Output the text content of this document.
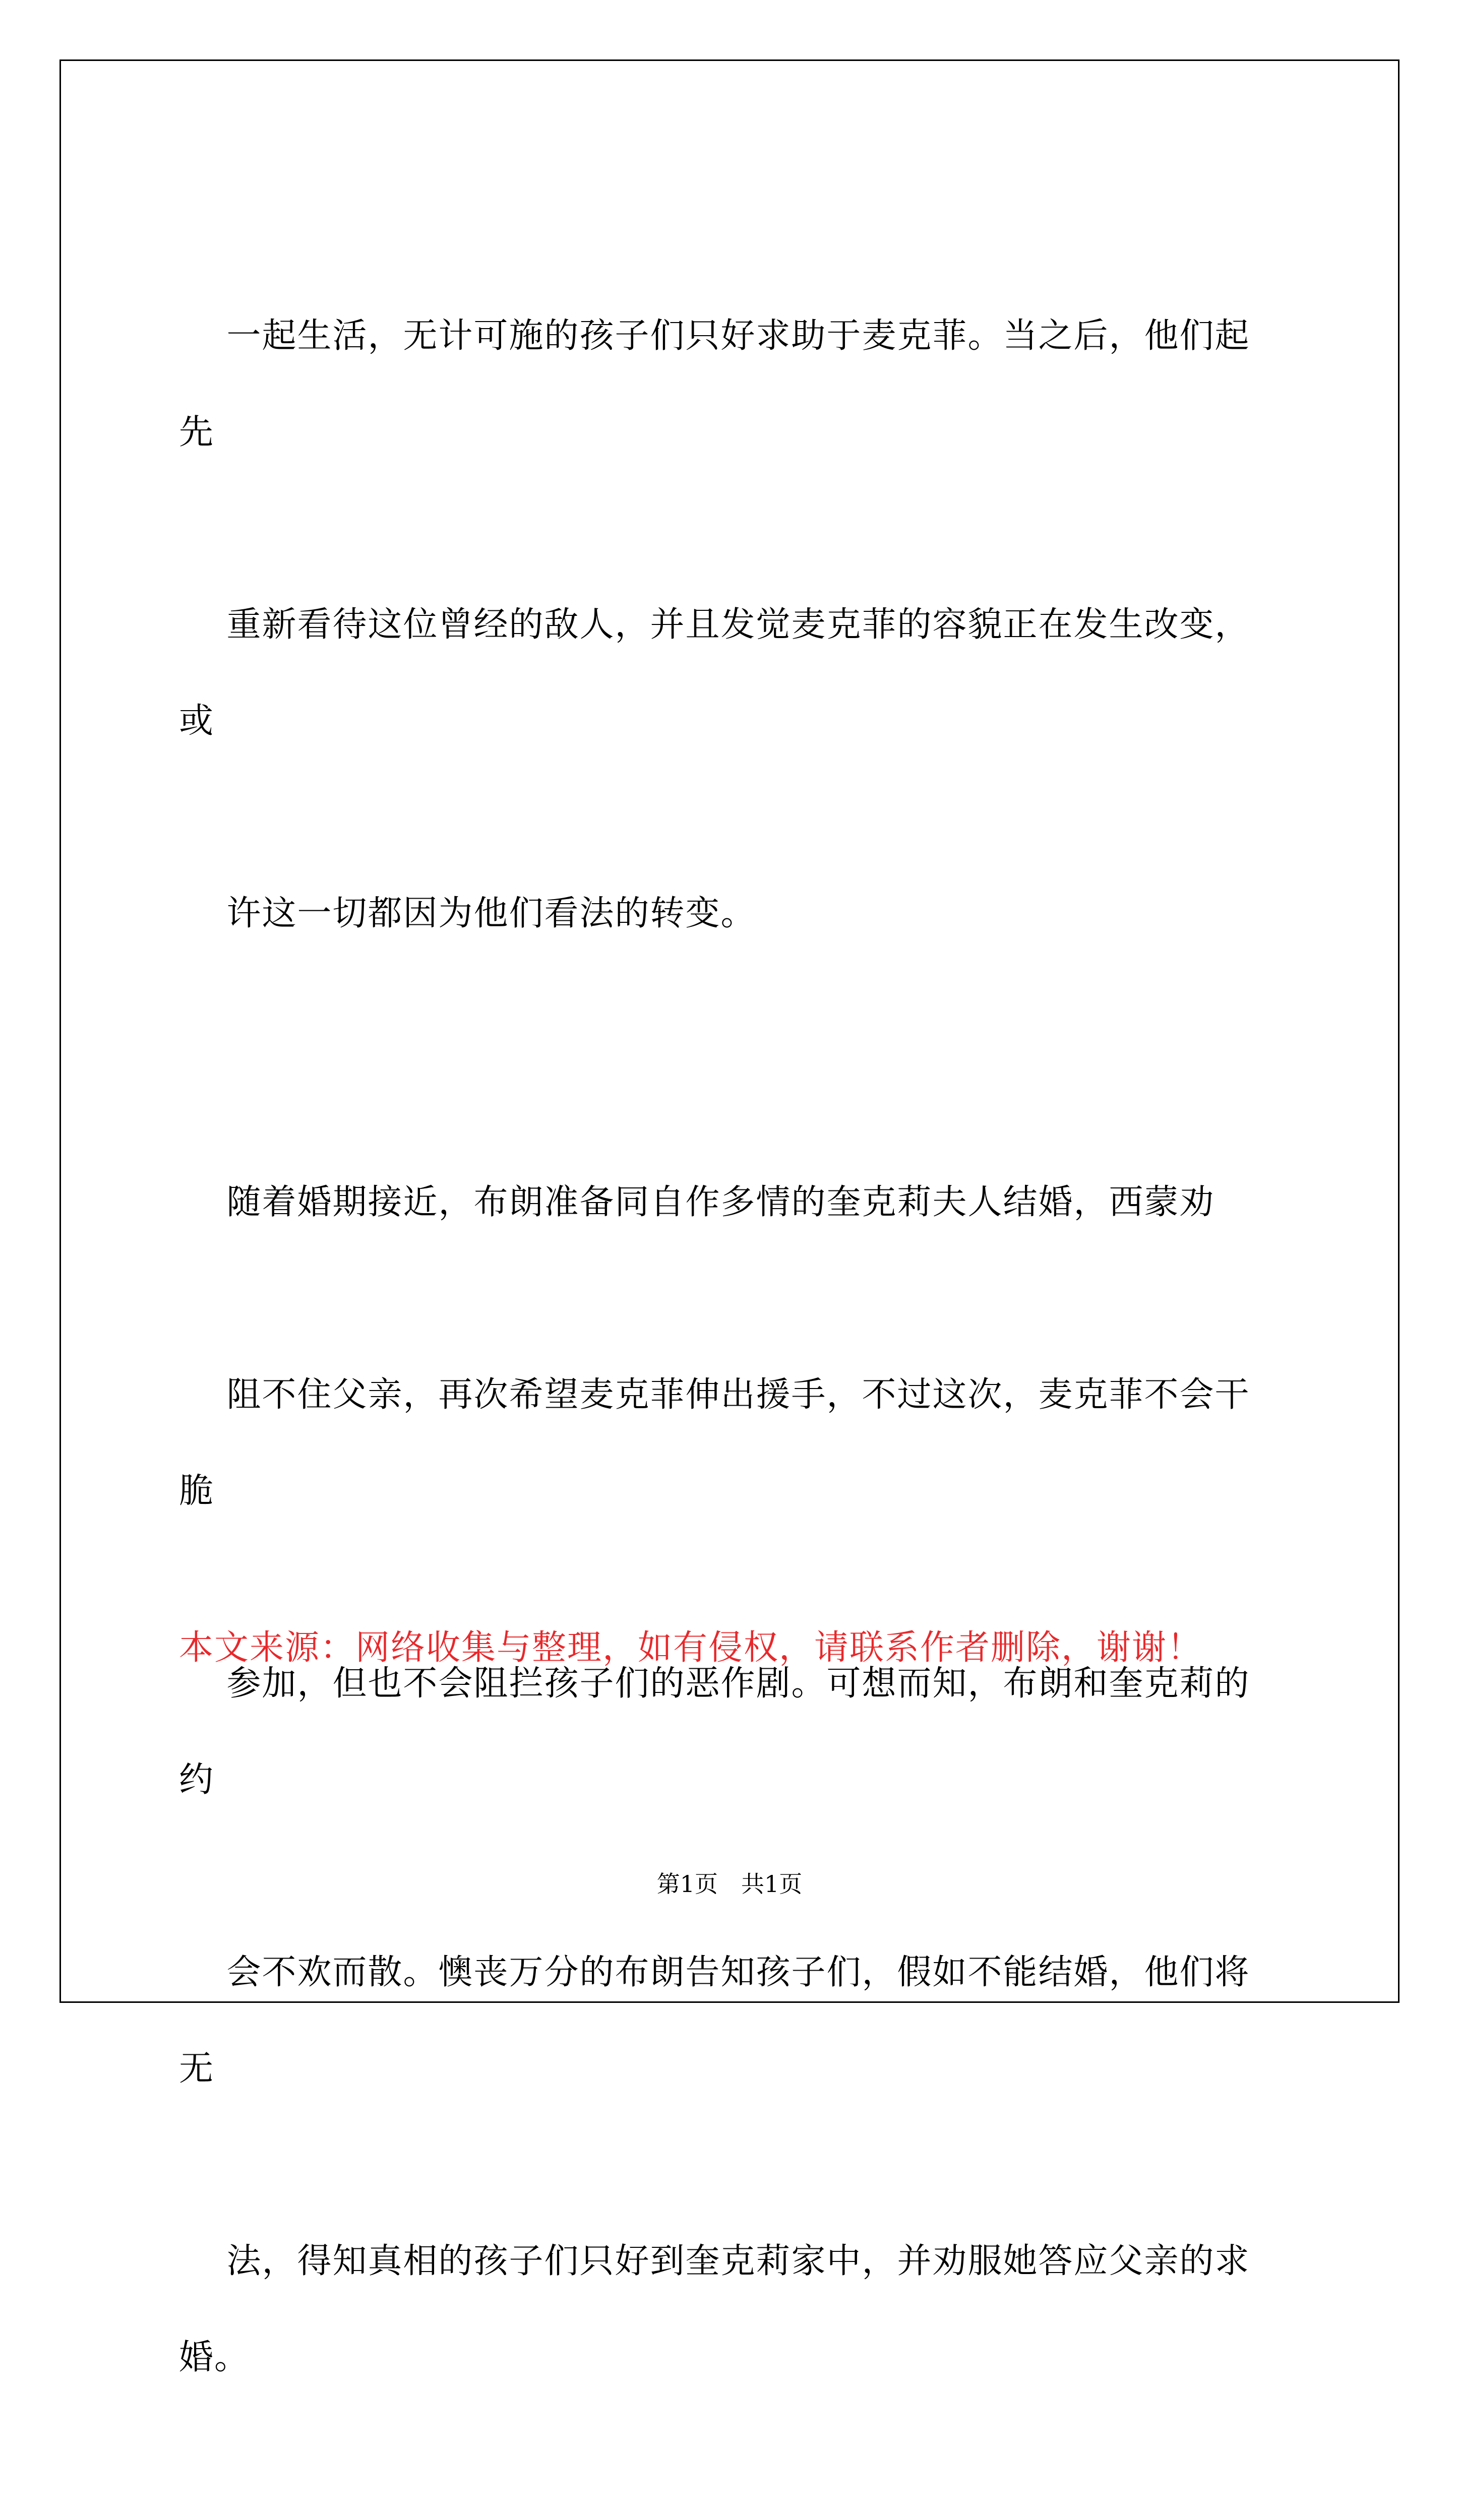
一起生活，无计可施的孩子们只好求助于麦克菲。当之后，他们起先

重新看待这位曾经的敌人，并且发觉麦克菲的容貌正在发生改变，或

许这一切都因为他们看法的转变。

随着婚期接近，布朗准备同自作多情的奎克莉夫人结婚，西蒙劝

阻不住父亲，再次希望麦克菲伸出援手，不过这次，麦克菲不会干脆

参加，但也不会阻拦孩子们的恶作剧。可想而知，布朗和奎克莉的约

会不欢而散。懊丧万分的布朗告知孩子们，假如不能结婚，他们将无

法，得知真相的孩子们只好到奎克莉家中，并劝服她答应父亲的求婚。

本文来源：网络收集与整理，如有侵权，请联系作者删除，谢谢！

第1页　共1页
